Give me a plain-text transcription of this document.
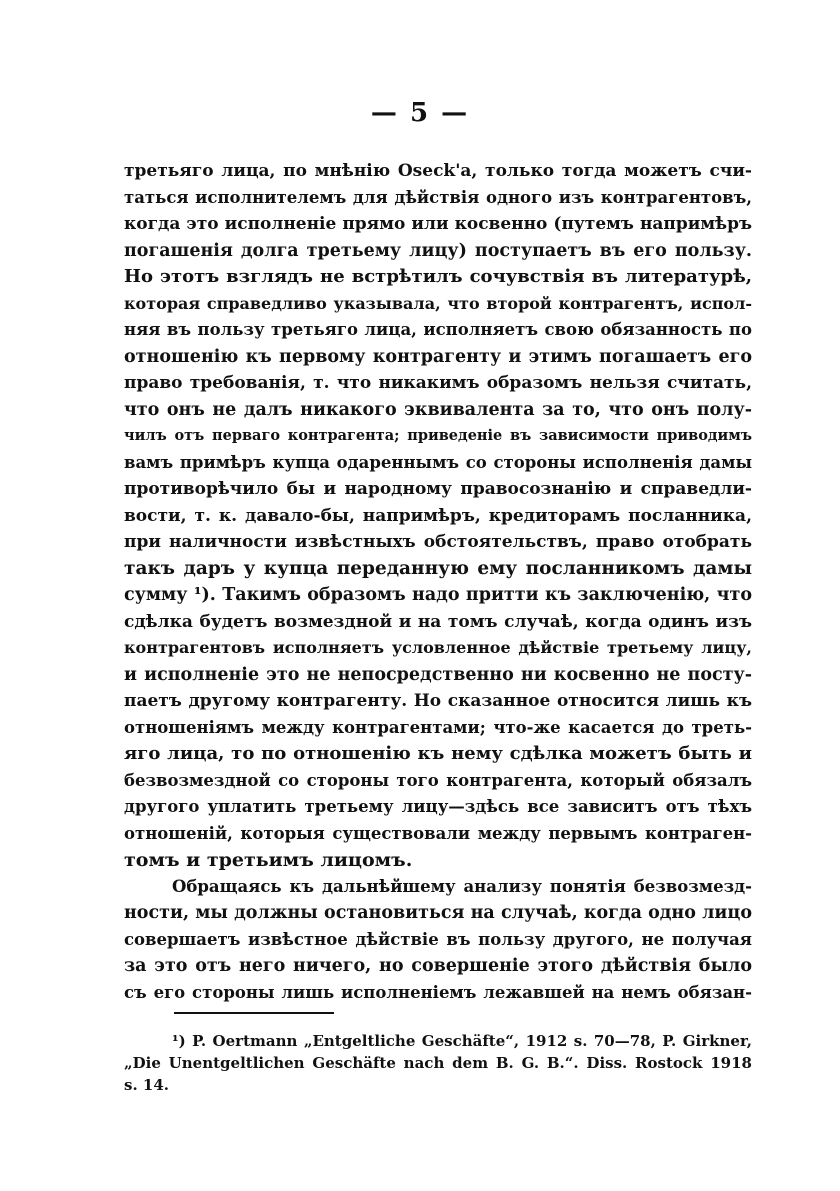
— 5 —
третьяго лица, по мнѣнію Oseck'a, только тогда можетъ счи-
таться исполнителемъ для дѣйствія одного изъ контрагентовъ,
когда это исполненіе прямо или косвенно (путемъ напримѣръ
погашенія долга третьему лицу) поступаетъ въ его пользу.
Но этотъ взглядъ не встрѣтилъ сочувствія въ литературѣ,
которая справедливо указывала, что второй контрагентъ, испол-
няя въ пользу третьяго лица, исполняетъ свою обязанность по
отношенію къ первому контрагенту и этимъ погашаетъ его
право требованія, т. что никакимъ образомъ нельзя считать,
что онъ не далъ никакого эквивалента за то, что онъ полу-
чилъ отъ перваго контрагента; приведеніе въ зависимости приводимъ
вамъ примѣръ купца одареннымъ со стороны исполненія дамы
противорѣчило бы и народному правосознанію и справедли-
вости, т. к. давало-бы, напримѣръ, кредиторамъ посланника,
при наличности извѣстныхъ обстоятельствъ, право отобрать
такъ даръ у купца переданную ему посланникомъ дамы
сумму ¹). Такимъ образомъ надо притти къ заключенію, что
сдѣлка будетъ возмездной и на томъ случаѣ, когда одинъ изъ
контрагентовъ исполняетъ условленное дѣйствіе третьему лицу,
и исполненіе это не непосредственно ни косвенно не посту-
паетъ другому контрагенту. Но сказанное относится лишь къ
отношеніямъ между контрагентами; что-же касается до треть-
яго лица, то по отношенію къ нему сдѣлка можетъ быть и
безвозмездной со стороны того контрагента, который обязалъ
другого уплатить третьему лицу—здѣсь все зависитъ отъ тѣхъ
отношеній, которыя существовали между первымъ контраген-
томъ и третьимъ лицомъ.
Обращаясь къ дальнѣйшему анализу понятія безвозмезд-
ности, мы должны остановиться на случаѣ, когда одно лицо
совершаетъ извѣстное дѣйствіе въ пользу другого, не получая
за это отъ него ничего, но совершеніе этого дѣйствія было
съ его стороны лишь исполненіемъ лежавшей на немъ обязан-
¹) P. Oertmann „Entgeltliche Geschäfte“, 1912 s. 70—78, P. Girkner,
„Die Unentgeltlichen Geschäfte nach dem B. G. B.“. Diss. Rostock 1918
s. 14.
